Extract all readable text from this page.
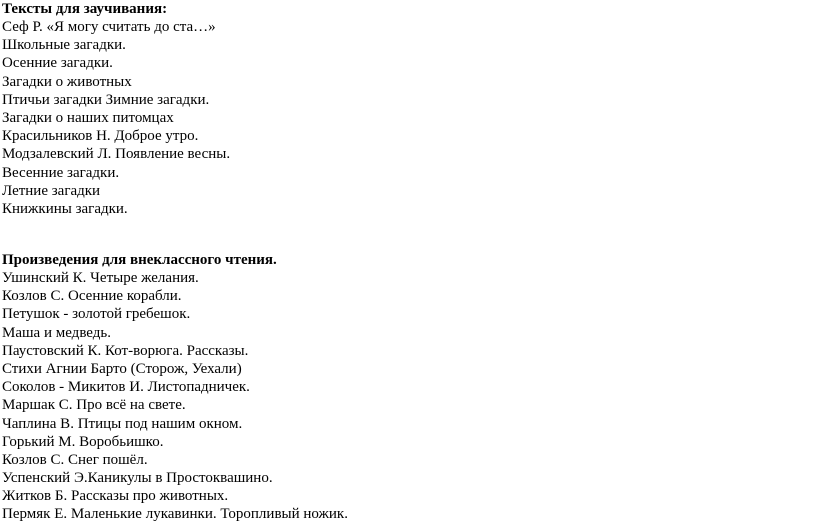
Тексты для заучивания:

Сеф Р. «Я могу считать до ста…»
Школьные загадки.
Осенние загадки.
Загадки о животных
Птичьи загадки Зимние загадки.
Загадки о наших питомцах
Красильников Н. Доброе утро.
Модзалевский Л. Появление весны.
Весенние загадки.
Летние загадки
Книжкины загадки.

Произведения для внеклассного чтения.

Ушинский К. Четыре желания.
Козлов С. Осенние корабли.
Петушок - золотой гребешок.
Маша и медведь.
Паустовский К. Кот-ворюга. Рассказы.
Стихи Агнии Барто (Сторож, Уехали)
Соколов - Микитов И. Листопадничек.
Маршак С. Про всё на свете.
Чаплина В. Птицы под нашим окном.
Горький М. Воробьишко.
Козлов С. Снег пошёл.
Успенский Э.Каникулы в Простоквашино.
Житков Б. Рассказы про животных.
Пермяк Е. Маленькие лукавинки. Торопливый ножик.
